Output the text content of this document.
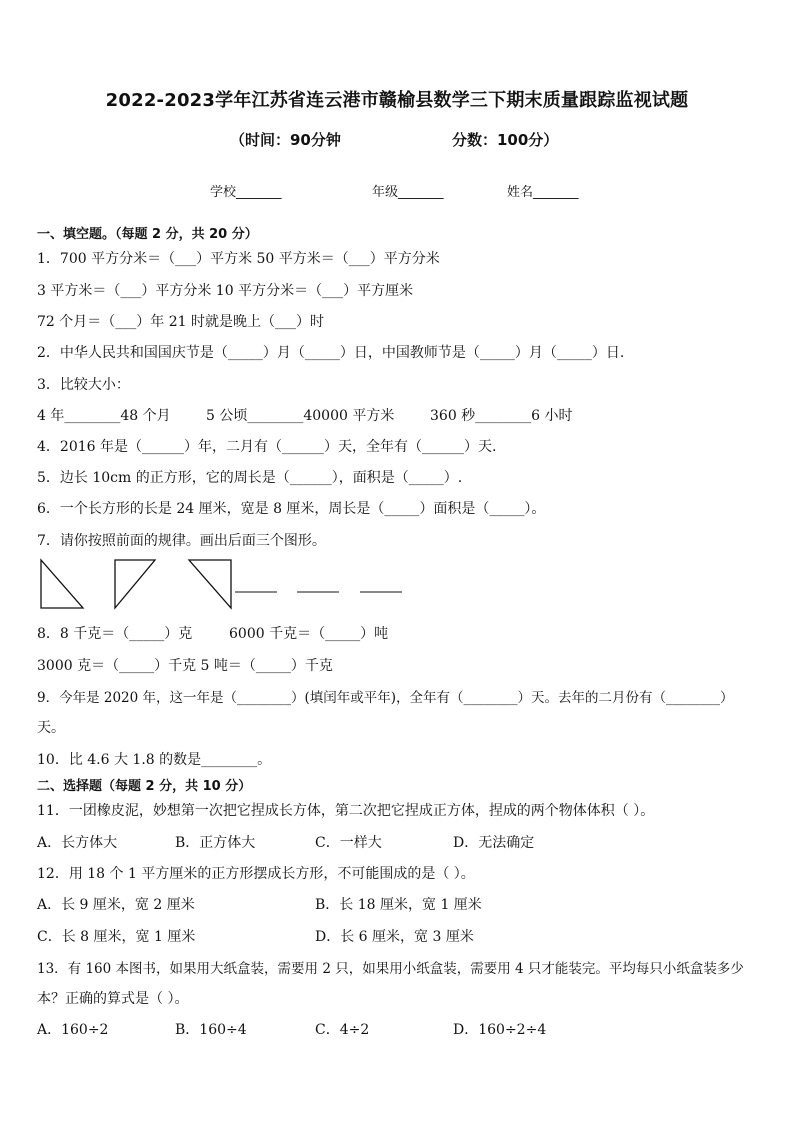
2022-2023学年江苏省连云港市赣榆县数学三下期末质量跟踪监视试题
（时间：90分钟	分数：100分）
学校_______	年级_______	姓名_______
一、填空题。（每题 2 分，共 20 分）
1．700 平方分米＝（___）平方米 50 平方米＝（___）平方分米
3 平方米＝（___）平方分米 10 平方分米＝（___）平方厘米
72 个月＝（___）年 21 时就是晚上（___）时
2．中华人民共和国国庆节是（_____）月（_____）日，中国教师节是（_____）月（_____）日.
3．比较大小：
4 年________48 个月	5 公顷________40000 平方米	360 秒________6 小时
4．2016 年是（______）年，二月有（______）天，全年有（______）天.
5．边长 10cm 的正方形，它的周长是（______），面积是（_____）.
6．一个长方形的长是 24 厘米，宽是 8 厘米，周长是（_____）面积是（_____）。
7．请你按照前面的规律。画出后面三个图形。
8．8 千克＝（_____）克	6000 千克＝（_____）吨
3000 克＝（_____）千克 5 吨＝（_____）千克
9．今年是 2020 年，这一年是（________）(填闰年或平年)，全年有（________）天。去年的二月份有（________）
天。
10．比 4.6 大 1.8 的数是________。
二、选择题（每题 2 分，共 10 分）
11．一团橡皮泥，妙想第一次把它捏成长方体，第二次把它捏成正方体，捏成的两个物体体积（ ）。
A．长方体大	B．正方体大	C．一样大	D．无法确定
12．用 18 个 1 平方厘米的正方形摆成长方形，不可能围成的是（ ）。
A．长 9 厘米，宽 2 厘米	B．长 18 厘米，宽 1 厘米
C．长 8 厘米，宽 1 厘米	D．长 6 厘米，宽 3 厘米
13．有 160 本图书，如果用大纸盒装，需要用 2 只，如果用小纸盒装，需要用 4 只才能装完。平均每只小纸盒装多少
本？正确的算式是（ ）。
A．160÷2	B．160÷4	C．4÷2	D．160÷2÷4
